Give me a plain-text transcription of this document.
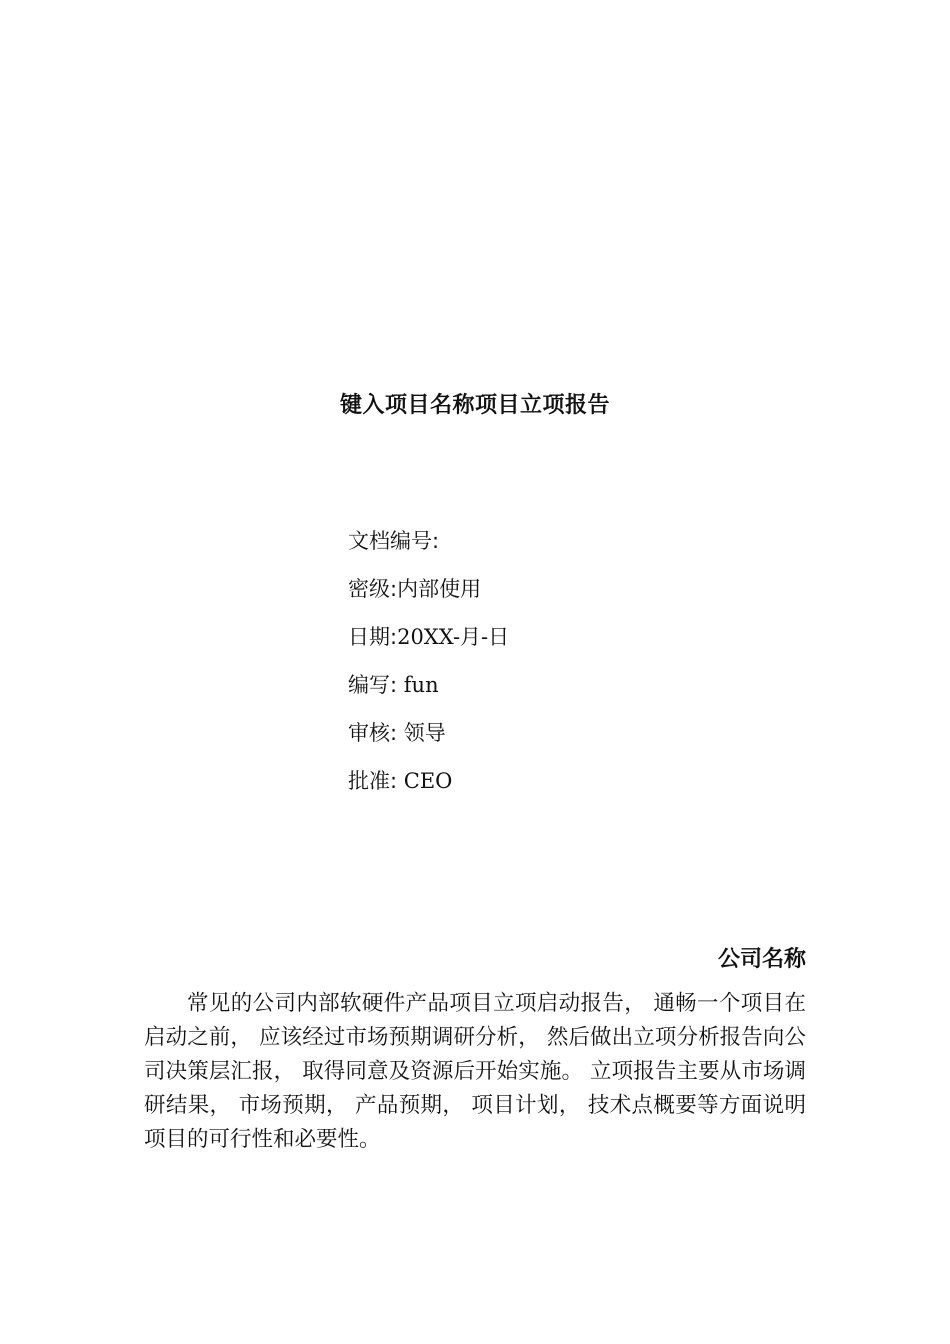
键入项目名称项目立项报告
文档编号:
密级:内部使用
日期:20XX-月-日
编写: fun
审核: 领导
批准: CEO
公司名称

常见的公司内部软硬件产品项目立项启动报告， 通畅一个项目在启动之前， 应该经过市场预期调研分析， 然后做出立项分析报告向公司决策层汇报， 取得同意及资源后开始实施。 立项报告主要从市场调研结果， 市场预期， 产品预期， 项目计划， 技术点概要等方面说明项目的可行性和必要性。
